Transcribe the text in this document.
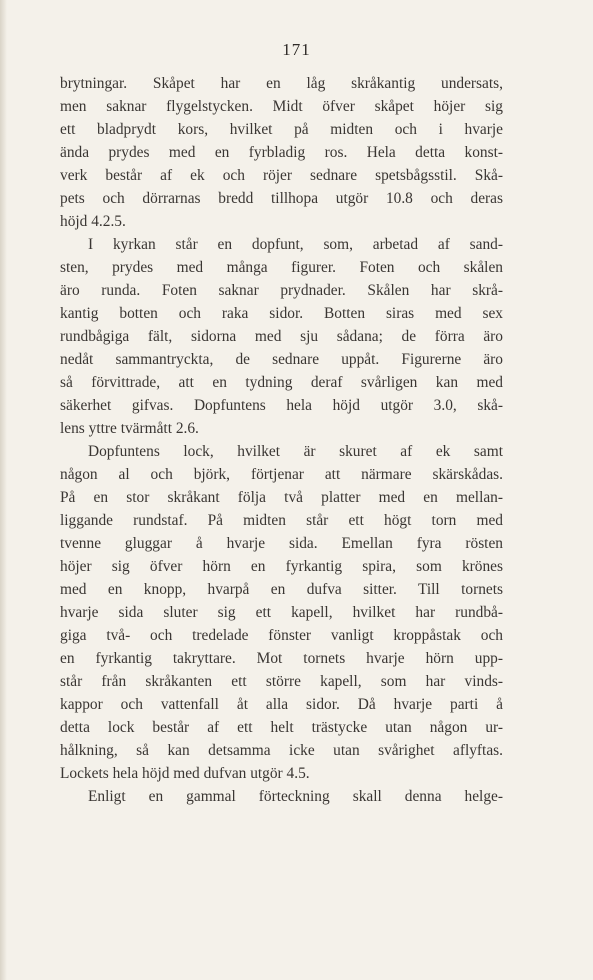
171
brytningar. Skåpet har en låg skråkantig undersats,
men saknar flygelstycken. Midt öfver skåpet höjer sig
ett bladprydt kors, hvilket på midten och i hvarje
ända prydes med en fyrbladig ros. Hela detta konst-
verk består af ek och röjer sednare spetsbågsstil. Skå-
pets och dörrarnas bredd tillhopa utgör 10.8 och deras
höjd 4.2.5.
I kyrkan står en dopfunt, som, arbetad af sand-
sten, prydes med många figurer. Foten och skålen
äro runda. Foten saknar prydnader. Skålen har skrå-
kantig botten och raka sidor. Botten siras med sex
rundbågiga fält, sidorna med sju sådana; de förra äro
nedåt sammantryckta, de sednare uppåt. Figurerne äro
så förvittrade, att en tydning deraf svårligen kan med
säkerhet gifvas. Dopfuntens hela höjd utgör 3.0, skå-
lens yttre tvärmått 2.6.
Dopfuntens lock, hvilket är skuret af ek samt
någon al och björk, förtjenar att närmare skärskådas.
På en stor skråkant följa två platter med en mellan-
liggande rundstaf. På midten står ett högt torn med
tvenne gluggar å hvarje sida. Emellan fyra rösten
höjer sig öfver hörn en fyrkantig spira, som krönes
med en knopp, hvarpå en dufva sitter. Till tornets
hvarje sida sluter sig ett kapell, hvilket har rundbå-
giga två- och tredelade fönster vanligt kroppåstak och
en fyrkantig takryttare. Mot tornets hvarje hörn upp-
står från skråkanten ett större kapell, som har vinds-
kappor och vattenfall åt alla sidor. Då hvarje parti å
detta lock består af ett helt trästycke utan någon ur-
hålkning, så kan detsamma icke utan svårighet aflyftas.
Lockets hela höjd med dufvan utgör 4.5.
Enligt en gammal förteckning skall denna helge-
